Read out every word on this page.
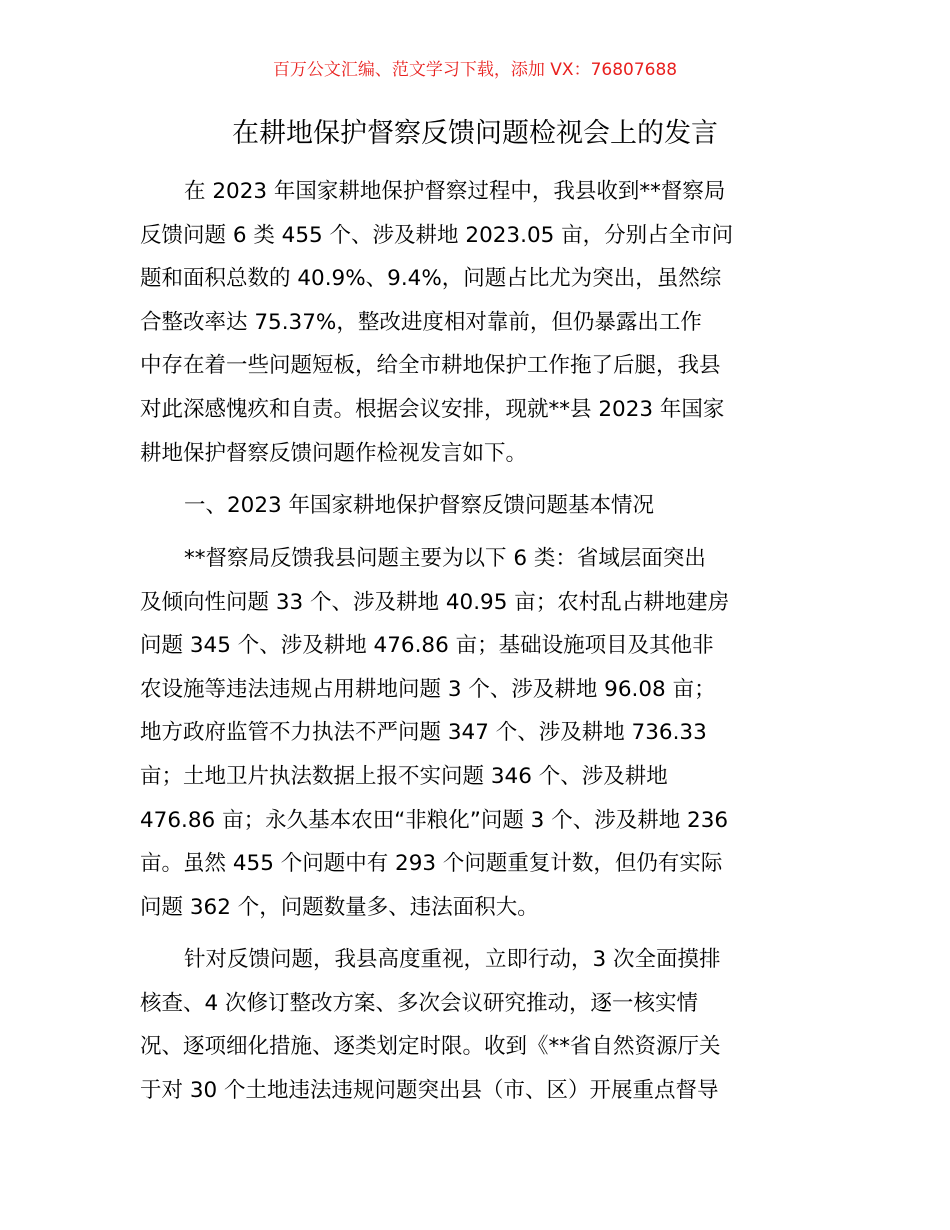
百万公文汇编、范文学习下载，添加 VX：76807688
在耕地保护督察反馈问题检视会上的发言
在 2023 年国家耕地保护督察过程中，我县收到**督察局
反馈问题 6 类 455 个、涉及耕地 2023.05 亩，分别占全市问
题和面积总数的 40.9%、9.4%，问题占比尤为突出，虽然综
合整改率达 75.37%，整改进度相对靠前，但仍暴露出工作
中存在着一些问题短板，给全市耕地保护工作拖了后腿，我县
对此深感愧疚和自责。根据会议安排，现就**县 2023 年国家
耕地保护督察反馈问题作检视发言如下。
一、2023 年国家耕地保护督察反馈问题基本情况
**督察局反馈我县问题主要为以下 6 类：省域层面突出
及倾向性问题 33 个、涉及耕地 40.95 亩；农村乱占耕地建房
问题 345 个、涉及耕地 476.86 亩；基础设施项目及其他非
农设施等违法违规占用耕地问题 3 个、涉及耕地 96.08 亩；
地方政府监管不力执法不严问题 347 个、涉及耕地 736.33
亩；土地卫片执法数据上报不实问题 346 个、涉及耕地
476.86 亩；永久基本农田“非粮化”问题 3 个、涉及耕地 236
亩。虽然 455 个问题中有 293 个问题重复计数，但仍有实际
问题 362 个，问题数量多、违法面积大。
针对反馈问题，我县高度重视，立即行动，3 次全面摸排
核查、4 次修订整改方案、多次会议研究推动，逐一核实情
况、逐项细化措施、逐类划定时限。收到《**省自然资源厅关
于对 30 个土地违法违规问题突出县（市、区）开展重点督导
